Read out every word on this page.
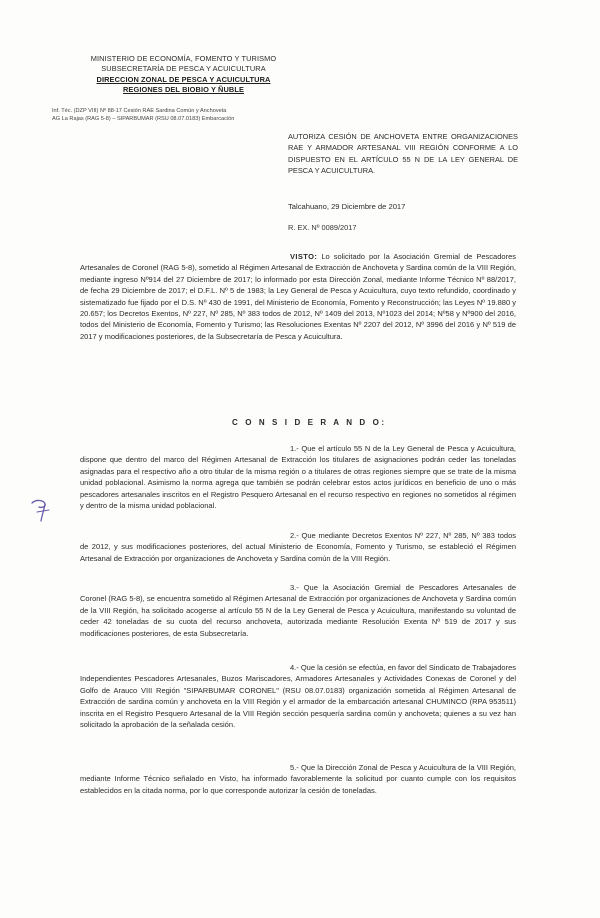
MINISTERIO DE ECONOMÍA, FOMENTO Y TURISMO
SUBSECRETARÍA DE PESCA Y ACUICULTURA
DIRECCION ZONAL DE PESCA Y ACUICULTURA
REGIONES DEL BIOBIO Y ÑUBLE
Inf. Téc. (DZP VIII) Nº 88-17 Cesión RAE Sardina Común y Anchoveta
AG La Rajas (RAG 5-8) – SIPARBUMAR (RSU 08.07.0183) Embarcación
AUTORIZA CESIÓN DE ANCHOVETA ENTRE ORGANIZACIONES RAE Y ARMADOR ARTESANAL VIII REGIÓN CONFORME A LO DISPUESTO EN EL ARTÍCULO 55 N DE LA LEY GENERAL DE PESCA Y ACUICULTURA.
Talcahuano, 29 Diciembre de 2017
R. EX. Nº 0089/2017
VISTO: Lo solicitado por la Asociación Gremial de Pescadores Artesanales de Coronel (RAG 5-8), sometido al Régimen Artesanal de Extracción de Anchoveta y Sardina común de la VIII Región, mediante ingreso Nº914 del 27 Diciembre de 2017; lo informado por esta Dirección Zonal, mediante Informe Técnico Nº 88/2017, de fecha 29 Diciembre de 2017; el D.F.L. Nº 5 de 1983; la Ley General de Pesca y Acuicultura, cuyo texto refundido, coordinado y sistematizado fue fijado por el D.S. Nº 430 de 1991, del Ministerio de Economía, Fomento y Reconstrucción; las Leyes Nº 19.880 y 20.657; los Decretos Exentos, Nº 227, Nº 285, Nº 383 todos de 2012, Nº 1409 del 2013, Nº1023 del 2014; Nº58 y Nº900 del 2016, todos del Ministerio de Economía, Fomento y Turismo; las Resoluciones Exentas Nº 2207 del 2012, Nº 3996 del 2016 y Nº 519 de 2017 y modificaciones posteriores, de la Subsecretaría de Pesca y Acuicultura.
C O N S I D E R A N D O:
1.- Que el artículo 55 N de la Ley General de Pesca y Acuicultura, dispone que dentro del marco del Régimen Artesanal de Extracción los titulares de asignaciones podrán ceder las toneladas asignadas para el respectivo año a otro titular de la misma región o a titulares de otras regiones siempre que se trate de la misma unidad poblacional. Asimismo la norma agrega que también se podrán celebrar estos actos jurídicos en beneficio de uno o más pescadores artesanales inscritos en el Registro Pesquero Artesanal en el recurso respectivo en regiones no sometidos al régimen y dentro de la misma unidad poblacional.
2.- Que mediante Decretos Exentos Nº 227, Nº 285, Nº 383 todos de 2012, y sus modificaciones posteriores, del actual Ministerio de Economía, Fomento y Turismo, se estableció el Régimen Artesanal de Extracción por organizaciones de Anchoveta y Sardina común de la VIII Región.
3.- Que la Asociación Gremial de Pescadores Artesanales de Coronel (RAG 5-8), se encuentra sometido al Régimen Artesanal de Extracción por organizaciones de Anchoveta y Sardina común de la VIII Región, ha solicitado acogerse al artículo 55 N de la Ley General de Pesca y Acuicultura, manifestando su voluntad de ceder 42 toneladas de su cuota del recurso anchoveta, autorizada mediante Resolución Exenta Nº 519 de 2017 y sus modificaciones posteriores, de esta Subsecretaría.
4.- Que la cesión se efectúa, en favor del Sindicato de Trabajadores Independientes Pescadores Artesanales, Buzos Mariscadores, Armadores Artesanales y Actividades Conexas de Coronel y del Golfo de Arauco VIII Región "SIPARBUMAR CORONEL" (RSU 08.07.0183) organización sometida al Régimen Artesanal de Extracción de sardina común y anchoveta en la VIII Región y el armador de la embarcación artesanal CHUMINCO (RPA 953511) inscrita en el Registro Pesquero Artesanal de la VIII Región sección pesquería sardina común y anchoveta; quienes a su vez han solicitado la aprobación de la señalada cesión.
5.- Que la Dirección Zonal de Pesca y Acuicultura de la VIII Región, mediante Informe Técnico señalado en Visto, ha informado favorablemente la solicitud por cuanto cumple con los requisitos establecidos en la citada norma, por lo que corresponde autorizar la cesión de toneladas.
